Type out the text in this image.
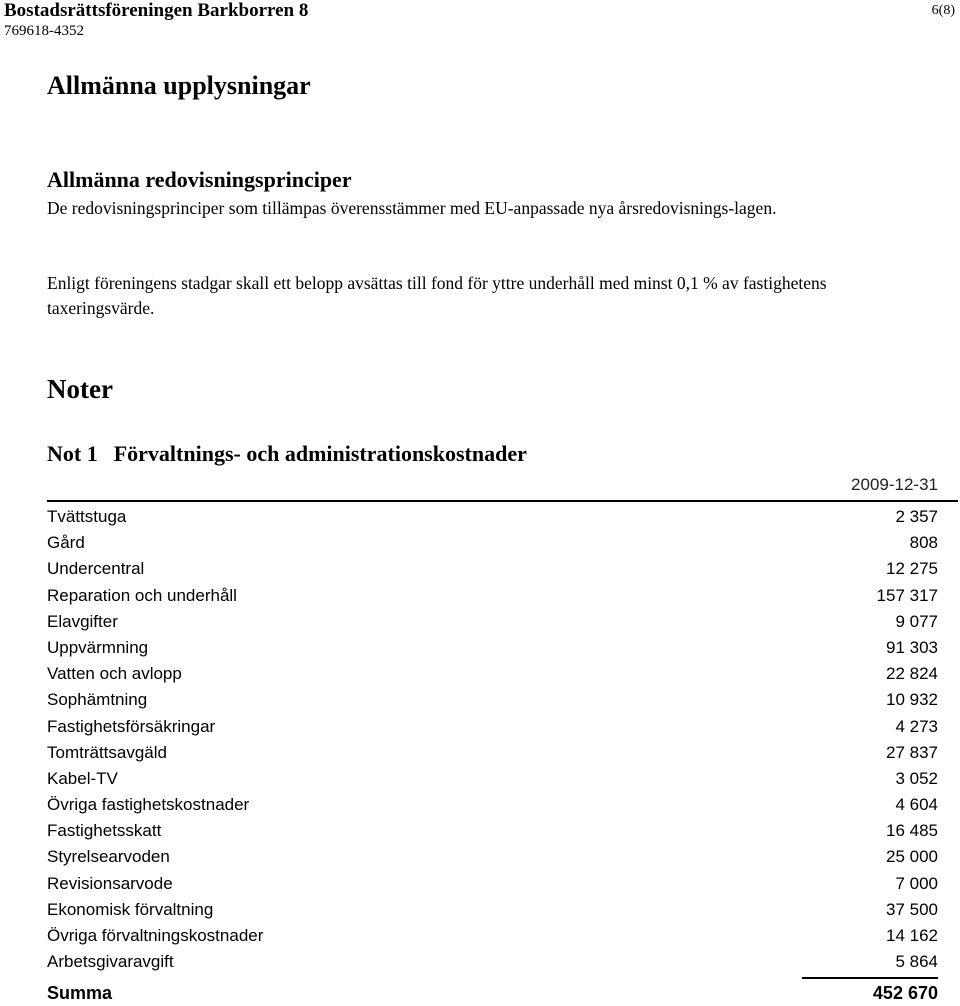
Bostadsrättsföreningen Barkborren 8
769618-4352
6(8)
Allmänna upplysningar
Allmänna redovisningsprinciper
De redovisningsprinciper som tillämpas överensstämmer med EU-anpassade nya årsredovisnings-lagen.
Enligt föreningens stadgar skall ett belopp avsättas till fond för yttre underhåll med minst 0,1 % av fastighetens taxeringsvärde.
Noter
Not 1 Förvaltnings- och administrationskostnader
2009-12-31
Tvättstuga	2 357
Gård	808
Undercentral	12 275
Reparation och underhåll	157 317
Elavgifter	9 077
Uppvärmning	91 303
Vatten och avlopp	22 824
Sophämtning	10 932
Fastighetsförsäkringar	4 273
Tomträttsavgäld	27 837
Kabel-TV	3 052
Övriga fastighetskostnader	4 604
Fastighetsskatt	16 485
Styrelsearvoden	25 000
Revisionsarvode	7 000
Ekonomisk förvaltning	37 500
Övriga förvaltningskostnader	14 162
Arbetsgivaravgift	5 864
Summa	452 670
